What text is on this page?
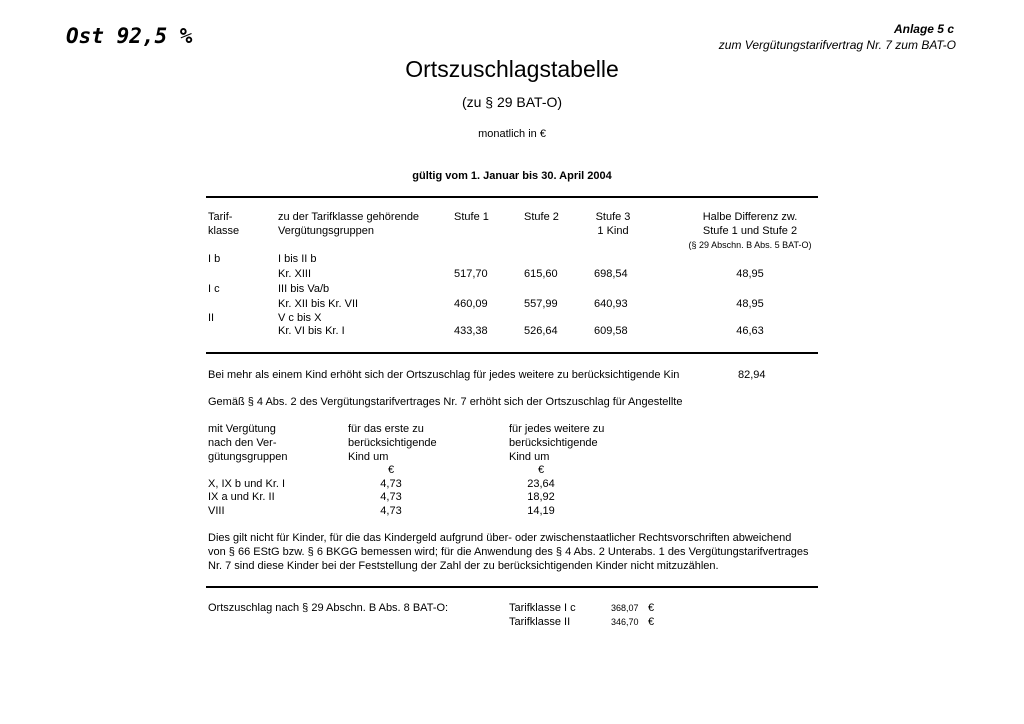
Ost 92,5 %	Anlage 5 c
zum Vergütungstarifvertrag Nr. 7 zum BAT-O
Ortszuschlagstabelle
(zu § 29 BAT-O)
monatlich in €
gültig vom 1. Januar bis 30. April 2004
Tarif-
klasse
zu der Tarifklasse gehörende
Vergütungsgruppen
Stufe 1	Stufe 2	Stufe 3
1 Kind
Halbe Differenz zw.
Stufe 1 und Stufe 2
(§ 29 Abschn. B Abs. 5 BAT-O)
I b	I bis II b
Kr. XIII	517,70	615,60	698,54	48,95
I c	III bis Va/b
Kr. XII bis Kr. VII	460,09	557,99	640,93	48,95
II	V c bis X
Kr. VI bis Kr. I	433,38	526,64	609,58	46,63
Bei mehr als einem Kind erhöht sich der Ortszuschlag für jedes weitere zu berücksichtigende Kin	82,94
Gemäß § 4 Abs. 2 des Vergütungstarifvertrages Nr. 7 erhöht sich der Ortszuschlag für Angestellte
mit Vergütung
nach den Ver-
gütungsgruppen
für das erste zu
berücksichtigende
Kind um
für jedes weitere zu
berücksichtigende
Kind um
€	€
X, IX b und Kr. I	4,73	23,64
IX a und Kr. II	4,73	18,92
VIII	4,73	14,19
Dies gilt nicht für Kinder, für die das Kindergeld aufgrund über- oder zwischenstaatlicher Rechtsvorschriften abweichend
von § 66 EStG bzw. § 6 BKGG bemessen wird; für die Anwendung des § 4 Abs. 2 Unterabs. 1 des Vergütungstarifvertrages
Nr. 7 sind diese Kinder bei der Feststellung der Zahl der zu berücksichtigenden Kinder nicht mitzuzählen.
Ortszuschlag nach § 29 Abschn. B Abs. 8 BAT-O:	Tarifklasse I c	368,07 €
Tarifklasse II	346,70 €
